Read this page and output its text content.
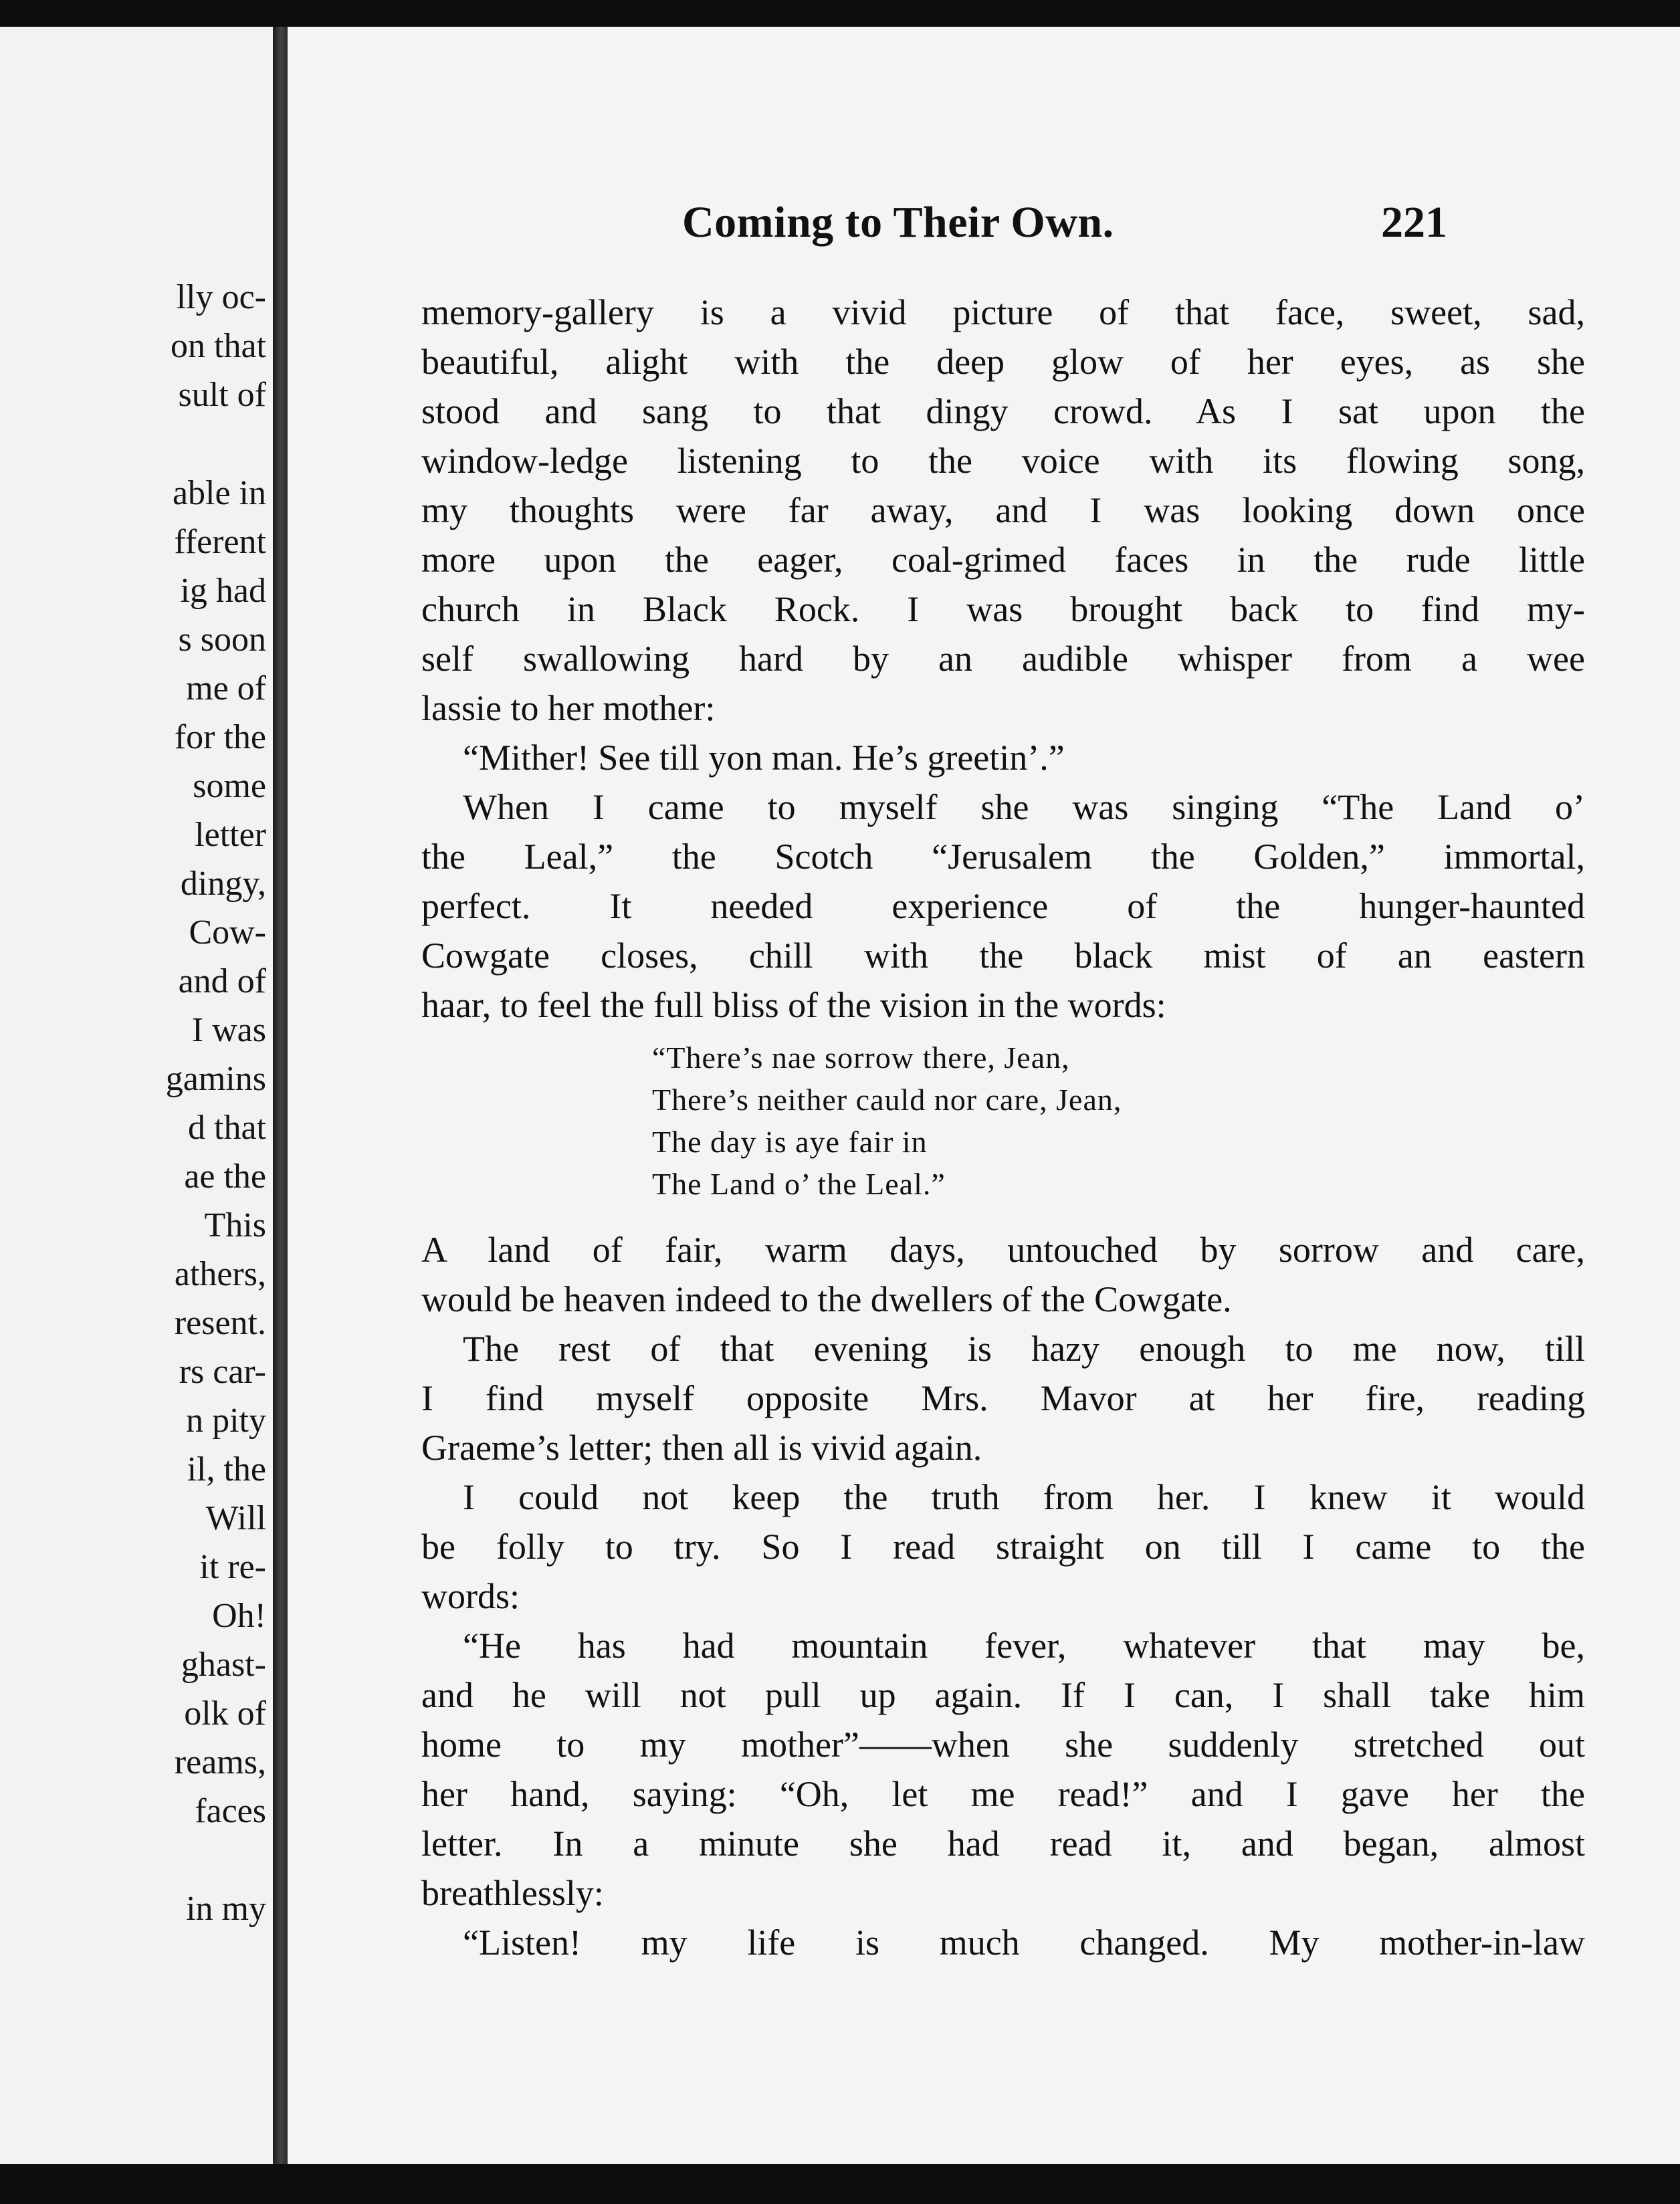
lly oc-
on that
sult of
able in
fferent
ig had
s soon
me of
for the
some
letter
dingy,
Cow-
and of
I was
gamins
d that
ae the
This
athers,
resent.
rs car-
n pity
il, the
Will
it re-
Oh!
ghast-
olk of
reams,
faces
in my
Coming to Their Own.	221
memory-gallery is a vivid picture of that face, sweet, sad,
beautiful, alight with the deep glow of her eyes, as she
stood and sang to that dingy crowd. As I sat upon the
window-ledge listening to the voice with its flowing song,
my thoughts were far away, and I was looking down once
more upon the eager, coal-grimed faces in the rude little
church in Black Rock. I was brought back to find my-
self swallowing hard by an audible whisper from a wee
lassie to her mother:
“Mither! See till yon man. He’s greetin’.”
When I came to myself she was singing “The Land o’
the Leal,” the Scotch “Jerusalem the Golden,” immortal,
perfect. It needed experience of the hunger-haunted
Cowgate closes, chill with the black mist of an eastern
haar, to feel the full bliss of the vision in the words:
“There’s nae sorrow there, Jean,
There’s neither cauld nor care, Jean,
The day is aye fair in
The Land o’ the Leal.”
A land of fair, warm days, untouched by sorrow and care,
would be heaven indeed to the dwellers of the Cowgate.
The rest of that evening is hazy enough to me now, till
I find myself opposite Mrs. Mavor at her fire, reading
Graeme’s letter; then all is vivid again.
I could not keep the truth from her. I knew it would
be folly to try. So I read straight on till I came to the
words:
“He has had mountain fever, whatever that may be,
and he will not pull up again. If I can, I shall take him
home to my mother”——when she suddenly stretched out
her hand, saying: “Oh, let me read!” and I gave her the
letter. In a minute she had read it, and began, almost
breathlessly:
“Listen! my life is much changed. My mother-in-law
